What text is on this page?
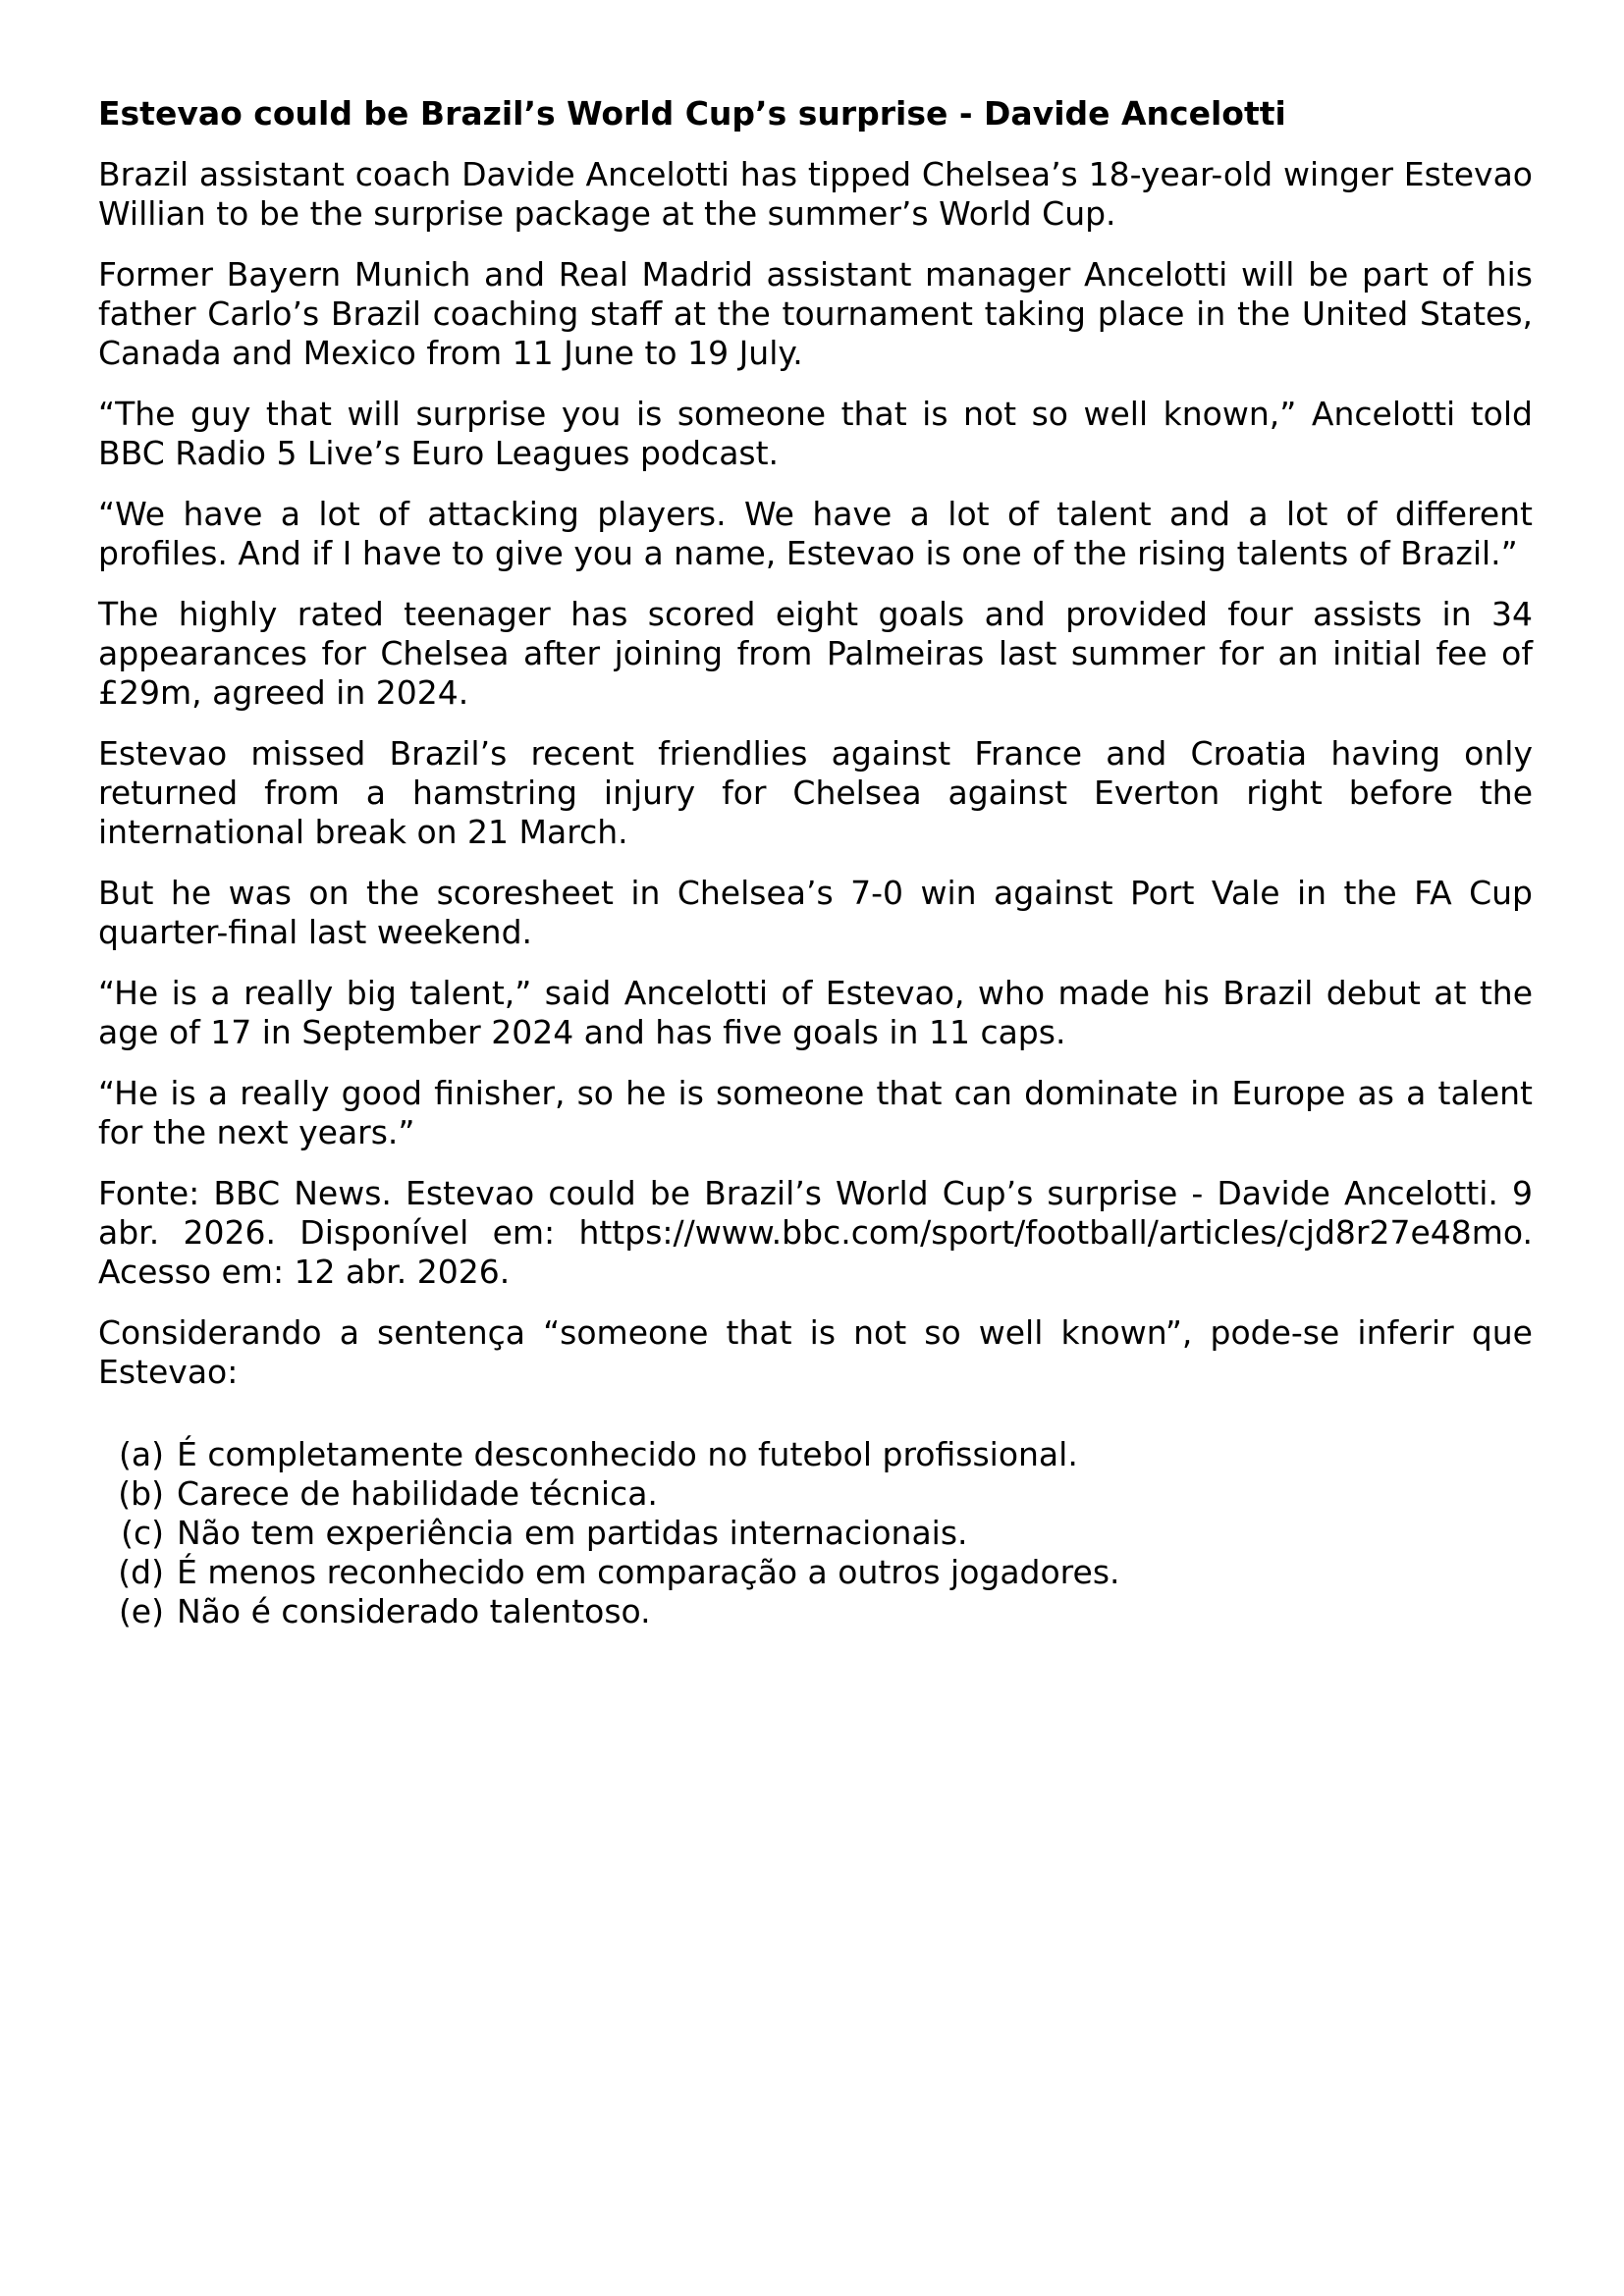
Estevao could be Brazil’s World Cup’s surprise - Davide Ancelotti

Brazil assistant coach Davide Ancelotti has tipped Chelsea’s 18-year-old winger Estevao Willian to be the surprise package at the summer’s World Cup.

Former Bayern Munich and Real Madrid assistant manager Ancelotti will be part of his father Carlo’s Brazil coaching staff at the tournament taking place in the United States, Canada and Mexico from 11 June to 19 July.

“The guy that will surprise you is someone that is not so well known,” Ancelotti told BBC Radio 5 Live’s Euro Leagues podcast.

“We have a lot of attacking players. We have a lot of talent and a lot of different profiles. And if I have to give you a name, Estevao is one of the rising talents of Brazil.”

The highly rated teenager has scored eight goals and provided four assists in 34 appearances for Chelsea after joining from Palmeiras last summer for an initial fee of £29m, agreed in 2024.

Estevao missed Brazil’s recent friendlies against France and Croatia having only returned from a hamstring injury for Chelsea against Everton right before the international break on 21 March.

But he was on the scoresheet in Chelsea’s 7-0 win against Port Vale in the FA Cup quarter-final last weekend.

“He is a really big talent,” said Ancelotti of Estevao, who made his Brazil debut at the age of 17 in September 2024 and has five goals in 11 caps.

“He is a really good finisher, so he is someone that can dominate in Europe as a talent for the next years.”

Fonte: BBC News. Estevao could be Brazil’s World Cup’s surprise - Davide Ancelotti. 9 abr. 2026. Disponível em: https://www.bbc.com/sport/football/articles/cjd8r27e48mo. Acesso em: 12 abr. 2026.

Considerando a sentença “someone that is not so well known”, pode-se inferir que Estevao:

(a) É completamente desconhecido no futebol profissional.
(b) Carece de habilidade técnica.
(c) Não tem experiência em partidas internacionais.
(d) É menos reconhecido em comparação a outros jogadores.
(e) Não é considerado talentoso.
